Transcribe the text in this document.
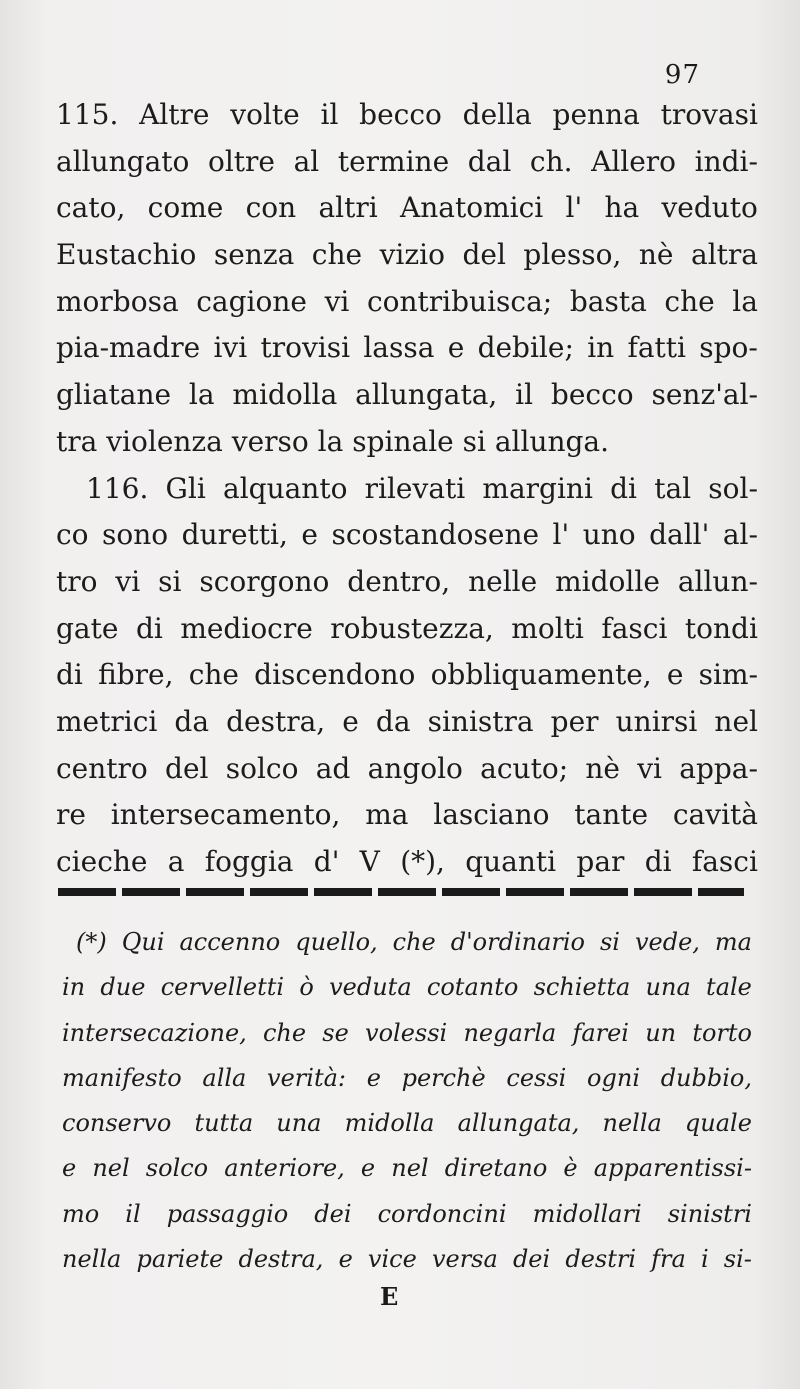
97
115. Altre volte il becco della penna trovasi
allungato oltre al termine dal ch. Allero indi-
cato, come con altri Anatomici l' ha veduto
Eustachio senza che vizio del plesso, nè altra
morbosa cagione vi contribuisca; basta che la
pia-madre ivi trovisi lassa e debile; in fatti spo-
gliatane la midolla allungata, il becco senz'al-
tra violenza verso la spinale si allunga.
116. Gli alquanto rilevati margini di tal sol-
co sono duretti, e scostandosene l' uno dall' al-
tro vi si scorgono dentro, nelle midolle allun-
gate di mediocre robustezza, molti fasci tondi
di fibre, che discendono obbliquamente, e sim-
metrici da destra, e da sinistra per unirsi nel
centro del solco ad angolo acuto; nè vi appa-
re intersecamento, ma lasciano tante cavità
cieche a foggia d' V (*), quanti par di fasci
(*) Qui accenno quello, che d'ordinario si vede, ma
in due cervelletti ò veduta cotanto schietta una tale
intersecazione, che se volessi negarla farei un torto
manifesto alla verità: e perchè cessi ogni dubbio,
conservo tutta una midolla allungata, nella quale
e nel solco anteriore, e nel diretano è apparentissi-
mo il passaggio dei cordoncini midollari sinistri
nella pariete destra, e vice versa dei destri fra i si-
E
